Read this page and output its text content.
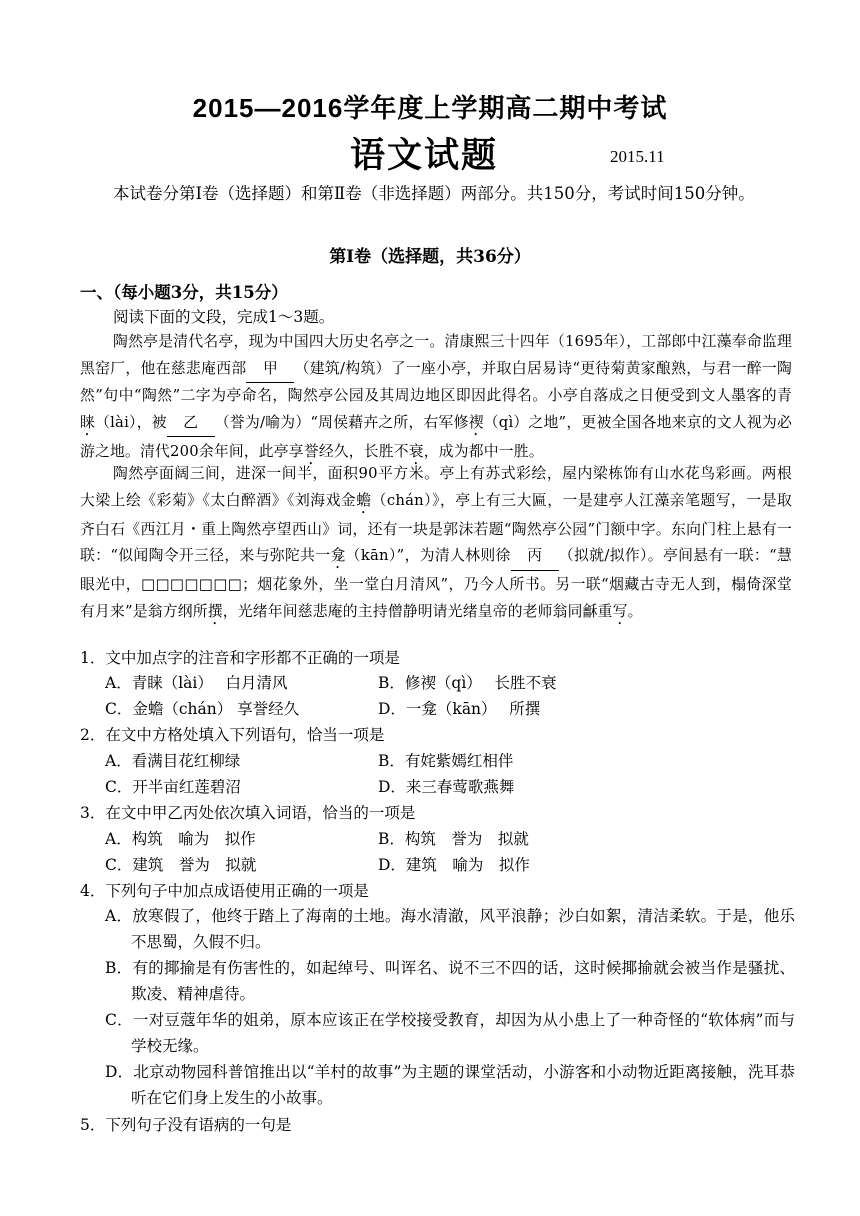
2015—2016学年度上学期高二期中考试
语文试题	2015.11
本试卷分第Ⅰ卷（选择题）和第Ⅱ卷（非选择题）两部分。共150分，考试时间150分钟。
第Ⅰ卷（选择题，共36分）
一、（每小题3分，共15分）
阅读下面的文段，完成1～3题。
陶然亭是清代名亭，现为中国四大历史名亭之一。清康熙三十四年（1695年），工部郎中江藻奉命监理黑窑厂，他在慈悲庵西部 甲 （建筑/构筑）了一座小亭，并取白居易诗“更待菊黄家酿熟，与君一醉一陶然”句中“陶然”二字为亭命名，陶然亭公园及其周边地区即因此得名。小亭自落成之日便受到文人墨客的青睐（lài），被 乙 （誉为/喻为）“周侯藉卉之所，右军修禊（qì）之地”，更被全国各地来京的文人视为必游之地。清代200余年间，此亭享誉经久，长胜不衰，成为都中一胜。
陶然亭面阔三间，进深一间半，面积90平方米。亭上有苏式彩绘，屋内梁栋饰有山水花鸟彩画。两根大梁上绘《彩菊》《太白醉酒》《刘海戏金蟾（chán）》，亭上有三大匾，一是建亭人江藻亲笔题写，一是取齐白石《西江月・重上陶然亭望西山》词，还有一块是郭沫若题“陶然亭公园”门额中字。东向门柱上悬有一联：“似闻陶令开三径，来与弥陀共一龛（kān）”，为清人林则徐 丙 （拟就/拟作）。亭间悬有一联：“慧眼光中，□□□□□□□；烟花象外，坐一堂白月清风”，乃今人所书。另一联“烟藏古寺无人到，榻倚深堂有月来”是翁方纲所撰，光绪年间慈悲庵的主持僧静明请光绪皇帝的老师翁同龢重写。
1．文中加点字的注音和字形都不正确的一项是
A．青睐（lài）　 白月清风	B．修禊（qì）　 长胜不衰
C．金蟾（chán） 享誉经久	D．一龛（kān）　 所撰
2．在文中方格处填入下列语句，恰当一项是
A．看满目花红柳绿	B．有姹紫嫣红相伴
C．开半亩红莲碧沼	D．来三春莺歌燕舞
3．在文中甲乙丙处依次填入词语，恰当的一项是
A．构筑　喻为　拟作	B．构筑　誉为　拟就
C．建筑　誉为　拟就	D．建筑　喻为　拟作
4．下列句子中加点成语使用正确的一项是
A．放寒假了，他终于踏上了海南的土地。海水清澈，风平浪静；沙白如絮，清洁柔软。于是，他乐不思蜀，久假不归。
B．有的揶揄是有伤害性的，如起绰号、叫诨名、说不三不四的话，这时候揶揄就会被当作是骚扰、欺凌、精神虐待。
C．一对豆蔻年华的姐弟，原本应该正在学校接受教育，却因为从小患上了一种奇怪的“软体病”而与学校无缘。
D．北京动物园科普馆推出以“羊村的故事”为主题的课堂活动，小游客和小动物近距离接触，洗耳恭听在它们身上发生的小故事。
5．下列句子没有语病的一句是
